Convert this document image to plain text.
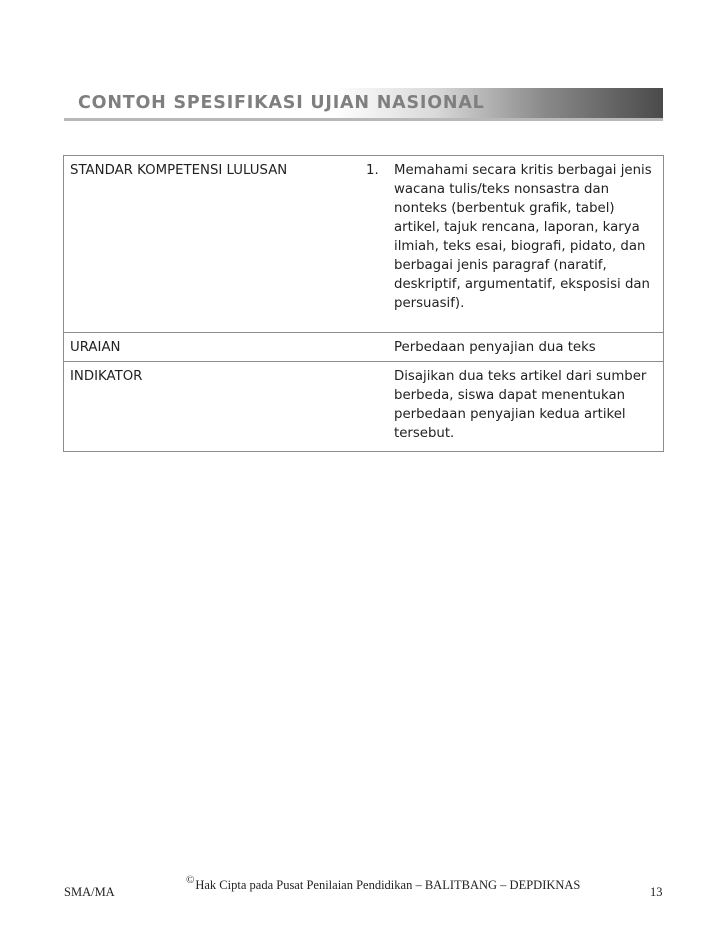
CONTOH SPESIFIKASI UJIAN NASIONAL
STANDAR KOMPETENSI LULUSAN	1.	Memahami secara kritis berbagai jenis wacana tulis/teks nonsastra dan nonteks (berbentuk grafik, tabel) artikel, tajuk rencana, laporan, karya ilmiah, teks esai, biografi, pidato, dan berbagai jenis paragraf (naratif, deskriptif, argumentatif, eksposisi dan persuasif).
URAIAN		Perbedaan penyajian dua teks
INDIKATOR		Disajikan dua teks artikel dari sumber berbeda, siswa dapat menentukan perbedaan penyajian kedua artikel tersebut.
SMA/MA
©Hak Cipta pada Pusat Penilaian Pendidikan – BALITBANG – DEPDIKNAS	13
